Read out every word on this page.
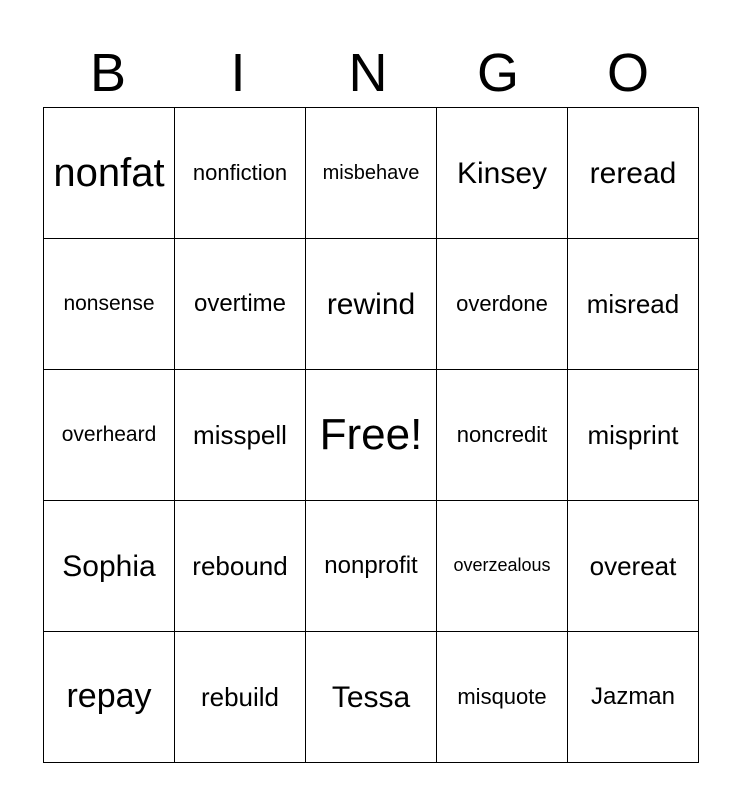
B	I	N	G	O
nonfat	nonfiction	misbehave	Kinsey	reread
nonsense	overtime	rewind	overdone	misread
overheard	misspell	Free!	noncredit	misprint
Sophia	rebound	nonprofit	overzealous	overeat
repay	rebuild	Tessa	misquote	Jazman
